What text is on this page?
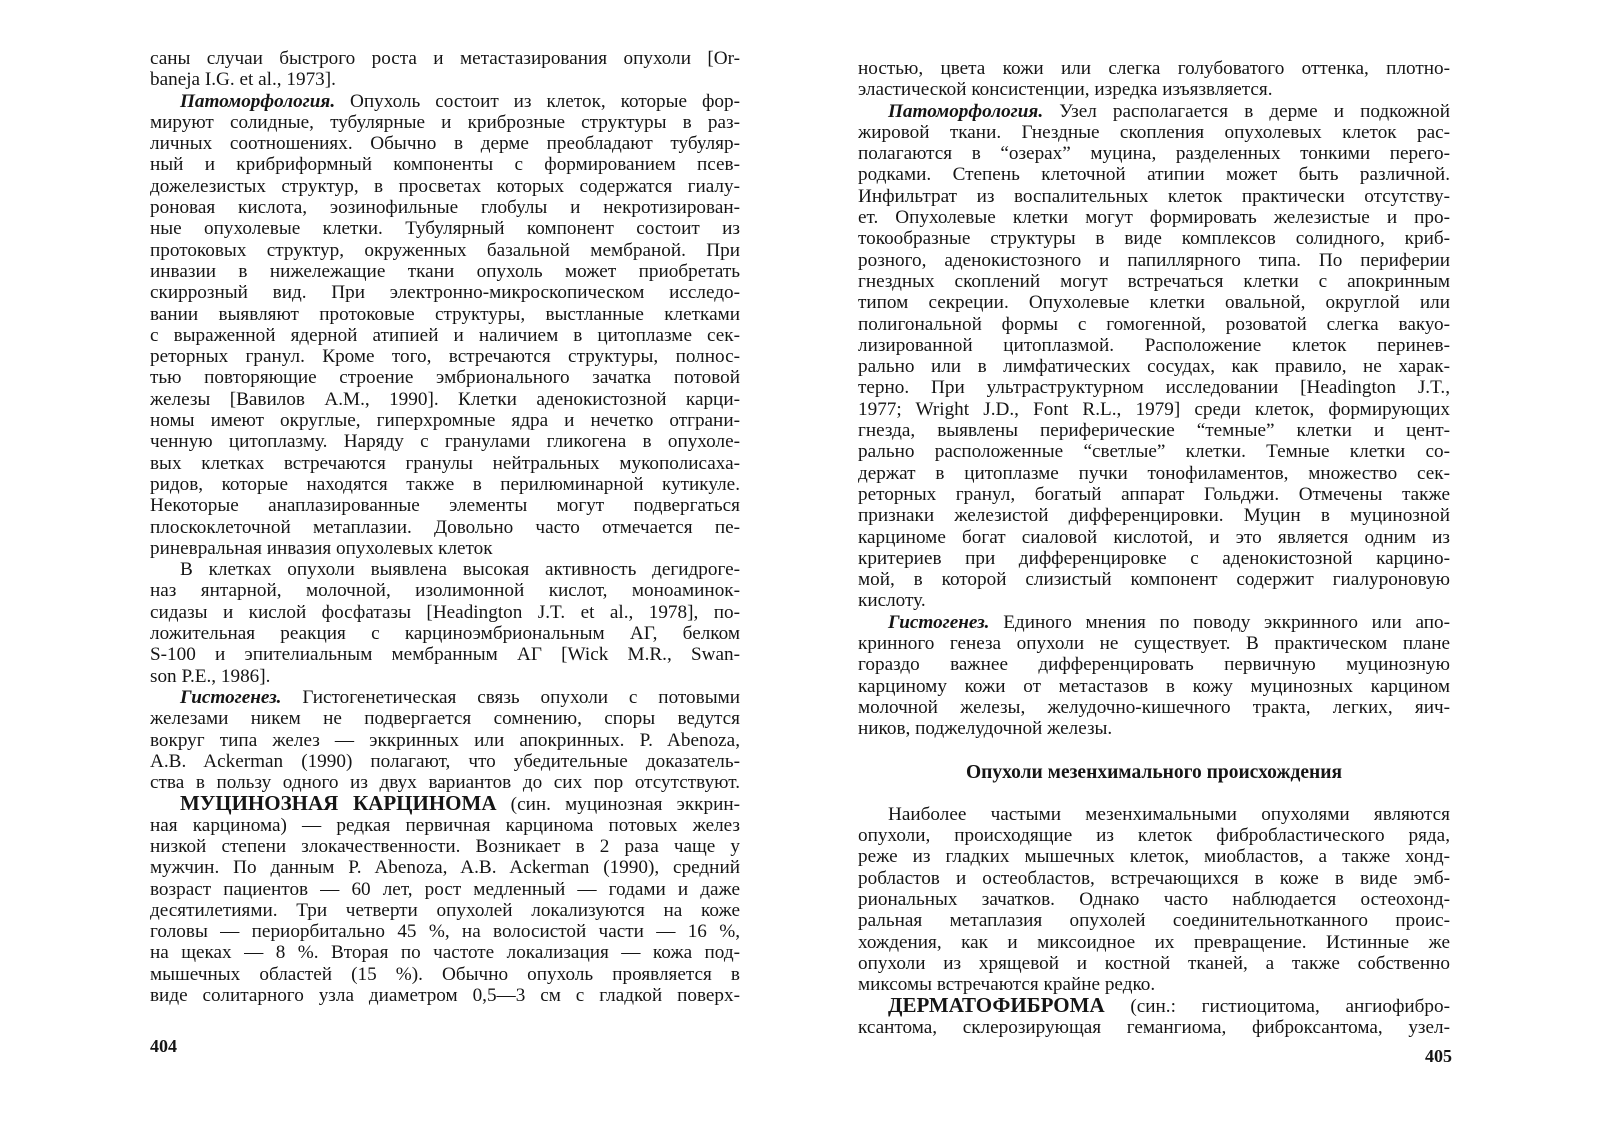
саны случаи быстрого роста и метастазирования опухоли [Or-
baneja I.G. et al., 1973].
Патоморфология. Опухоль состоит из клеток, которые фор-
мируют солидные, тубулярные и криброзные структуры в раз-
личных соотношениях. Обычно в дерме преобладают тубуляр-
ный и крибриформный компоненты с формированием псев-
дожелезистых структур, в просветах которых содержатся гиалу-
роновая кислота, эозинофильные глобулы и некротизирован-
ные опухолевые клетки. Тубулярный компонент состоит из
протоковых структур, окруженных базальной мембраной. При
инвазии в нижележащие ткани опухоль может приобретать
скиррозный вид. При электронно-микроскопическом исследо-
вании выявляют протоковые структуры, выстланные клетками
с выраженной ядерной атипией и наличием в цитоплазме сек-
реторных гранул. Кроме того, встречаются структуры, полнос-
тью повторяющие строение эмбрионального зачатка потовой
железы [Вавилов А.М., 1990]. Клетки аденокистозной карци-
номы имеют округлые, гиперхромные ядра и нечетко отграни-
ченную цитоплазму. Наряду с гранулами гликогена в опухоле-
вых клетках встречаются гранулы нейтральных мукополисаха-
ридов, которые находятся также в перилюминарной кутикуле.
Некоторые анаплазированные элементы могут подвергаться
плоскоклеточной метаплазии. Довольно часто отмечается пе-
риневральная инвазия опухолевых клеток
В клетках опухоли выявлена высокая активность дегидроге-
наз янтарной, молочной, изолимонной кислот, моноаминок-
сидазы и кислой фосфатазы [Headington J.T. et al., 1978], по-
ложительная реакция с карциноэмбриональным АГ, белком
S-100 и эпителиальным мембранным АГ [Wick M.R., Swan-
son P.E., 1986].
Гистогенез. Гистогенетическая связь опухоли с потовыми
железами никем не подвергается сомнению, споры ведутся
вокруг типа желез — эккринных или апокринных. P. Abenoza,
A.B. Ackerman (1990) полагают, что убедительные доказатель-
ства в пользу одного из двух вариантов до сих пор отсутствуют.
МУЦИНОЗНАЯ КАРЦИНОМА (син. муцинозная эккрин-
ная карцинома) — редкая первичная карцинома потовых желез
низкой степени злокачественности. Возникает в 2 раза чаще у
мужчин. По данным P. Abenoza, A.B. Ackerman (1990), средний
возраст пациентов — 60 лет, рост медленный — годами и даже
десятилетиями. Три четверти опухолей локализуются на коже
головы — периорбитально 45 %, на волосистой части — 16 %,
на щеках — 8 %. Вторая по частоте локализация — кожа под-
мышечных областей (15 %). Обычно опухоль проявляется в
виде солитарного узла диаметром 0,5—3 см с гладкой поверх-
404
ностью, цвета кожи или слегка голубоватого оттенка, плотно-
эластической консистенции, изредка изъязвляется.
Патоморфология. Узел располагается в дерме и подкожной
жировой ткани. Гнездные скопления опухолевых клеток рас-
полагаются в “озерах” муцина, разделенных тонкими перего-
родками. Степень клеточной атипии может быть различной.
Инфильтрат из воспалительных клеток практически отсутству-
ет. Опухолевые клетки могут формировать железистые и про-
токообразные структуры в виде комплексов солидного, криб-
розного, аденокистозного и папиллярного типа. По периферии
гнездных скоплений могут встречаться клетки с апокринным
типом секреции. Опухолевые клетки овальной, округлой или
полигональной формы с гомогенной, розоватой слегка вакуо-
лизированной цитоплазмой. Расположение клеток перинев-
рально или в лимфатических сосудах, как правило, не харак-
терно. При ультраструктурном исследовании [Headington J.T.,
1977; Wright J.D., Font R.L., 1979] среди клеток, формирующих
гнезда, выявлены периферические “темные” клетки и цент-
рально расположенные “светлые” клетки. Темные клетки со-
держат в цитоплазме пучки тонофиламентов, множество сек-
реторных гранул, богатый аппарат Гольджи. Отмечены также
признаки железистой дифференцировки. Муцин в муцинозной
карциноме богат сиаловой кислотой, и это является одним из
критериев при дифференцировке с аденокистозной карцино-
мой, в которой слизистый компонент содержит гиалуроновую
кислоту.
Гистогенез. Единого мнения по поводу эккринного или апо-
кринного генеза опухоли не существует. В практическом плане
гораздо важнее дифференцировать первичную муцинозную
карциному кожи от метастазов в кожу муцинозных карцином
молочной железы, желудочно-кишечного тракта, легких, яич-
ников, поджелудочной железы.
Опухоли мезенхимального происхождения
Наиболее частыми мезенхимальными опухолями являются
опухоли, происходящие из клеток фибробластического ряда,
реже из гладких мышечных клеток, миобластов, а также хонд-
робластов и остеобластов, встречающихся в коже в виде эмб-
риональных зачатков. Однако часто наблюдается остеохонд-
ральная метаплазия опухолей соединительнотканного проис-
хождения, как и миксоидное их превращение. Истинные же
опухоли из хрящевой и костной тканей, а также собственно
миксомы встречаются крайне редко.
ДЕРМАТОФИБРОМА (син.: гистиоцитома, ангиофибро-
ксантома, склерозирующая гемангиома, фиброксантома, узел-
405
